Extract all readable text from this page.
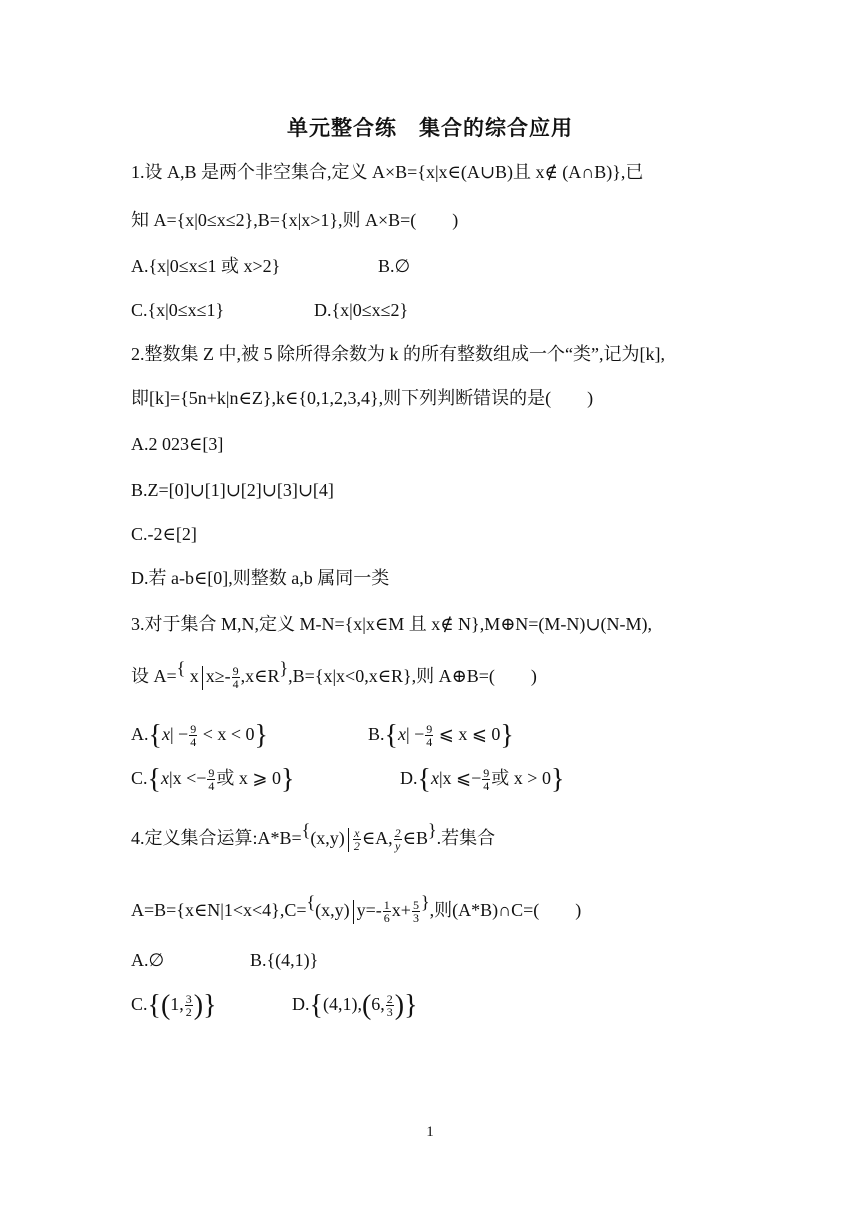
单元整合练　集合的综合应用
1.设 A,B 是两个非空集合,定义 A×B={x|x∈(A∪B)且 x∉ (A∩B)},已
知 A={x|0≤x≤2},B={x|x>1},则 A×B=(　　)
A.{x|0≤x≤1 或 x>2}	B.∅
C.{x|0≤x≤1}	D.{x|0≤x≤2}
2.整数集 Z 中,被 5 除所得余数为 k 的所有整数组成一个“类”,记为[k],
即[k]={5n+k|n∈Z},k∈{0,1,2,3,4},则下列判断错误的是(　　)
A.2 023∈[3]
B.Z=[0]∪[1]∪[2]∪[3]∪[4]
C.-2∈[2]
D.若 a-b∈[0],则整数 a,b 属同一类
3.对于集合 M,N,定义 M-N={x|x∈M 且 x∉ N},M⊕N=(M-N)∪(N-M),
设 A={ x $x\ge- \frac{9}{4}$ ,x∈R},B={x|x<0,x∈R},则 A⊕B=(　　)
$A.\{x| - \frac{9}{4} < x < 0\}$	$B.\{x| - \frac{9}{4}$ ⩽ x ⩽ 0}
$C.\{x|x <- \frac{9}{4}$ 或 x ⩾ 0}	D.{x|x ⩽− $\frac{9}{4}$ 或 x > 0}
4.定义集合运算:A*B={(x,y) $\frac{x}{2}$ ∈A, $\frac{2}{y}$ ∈B}.若集合
A=B={x∈N|1<x<4},C={(x,y) $y=- \frac{1}{6} x+ \frac{5}{3}$ },则(A*B)∩C=(　　)
A.∅	B.{(4,1)}
C.{(1, $\frac{3}{2}$ )}	D.{(4,1),(6, $\frac{2}{3}$ )}
1
